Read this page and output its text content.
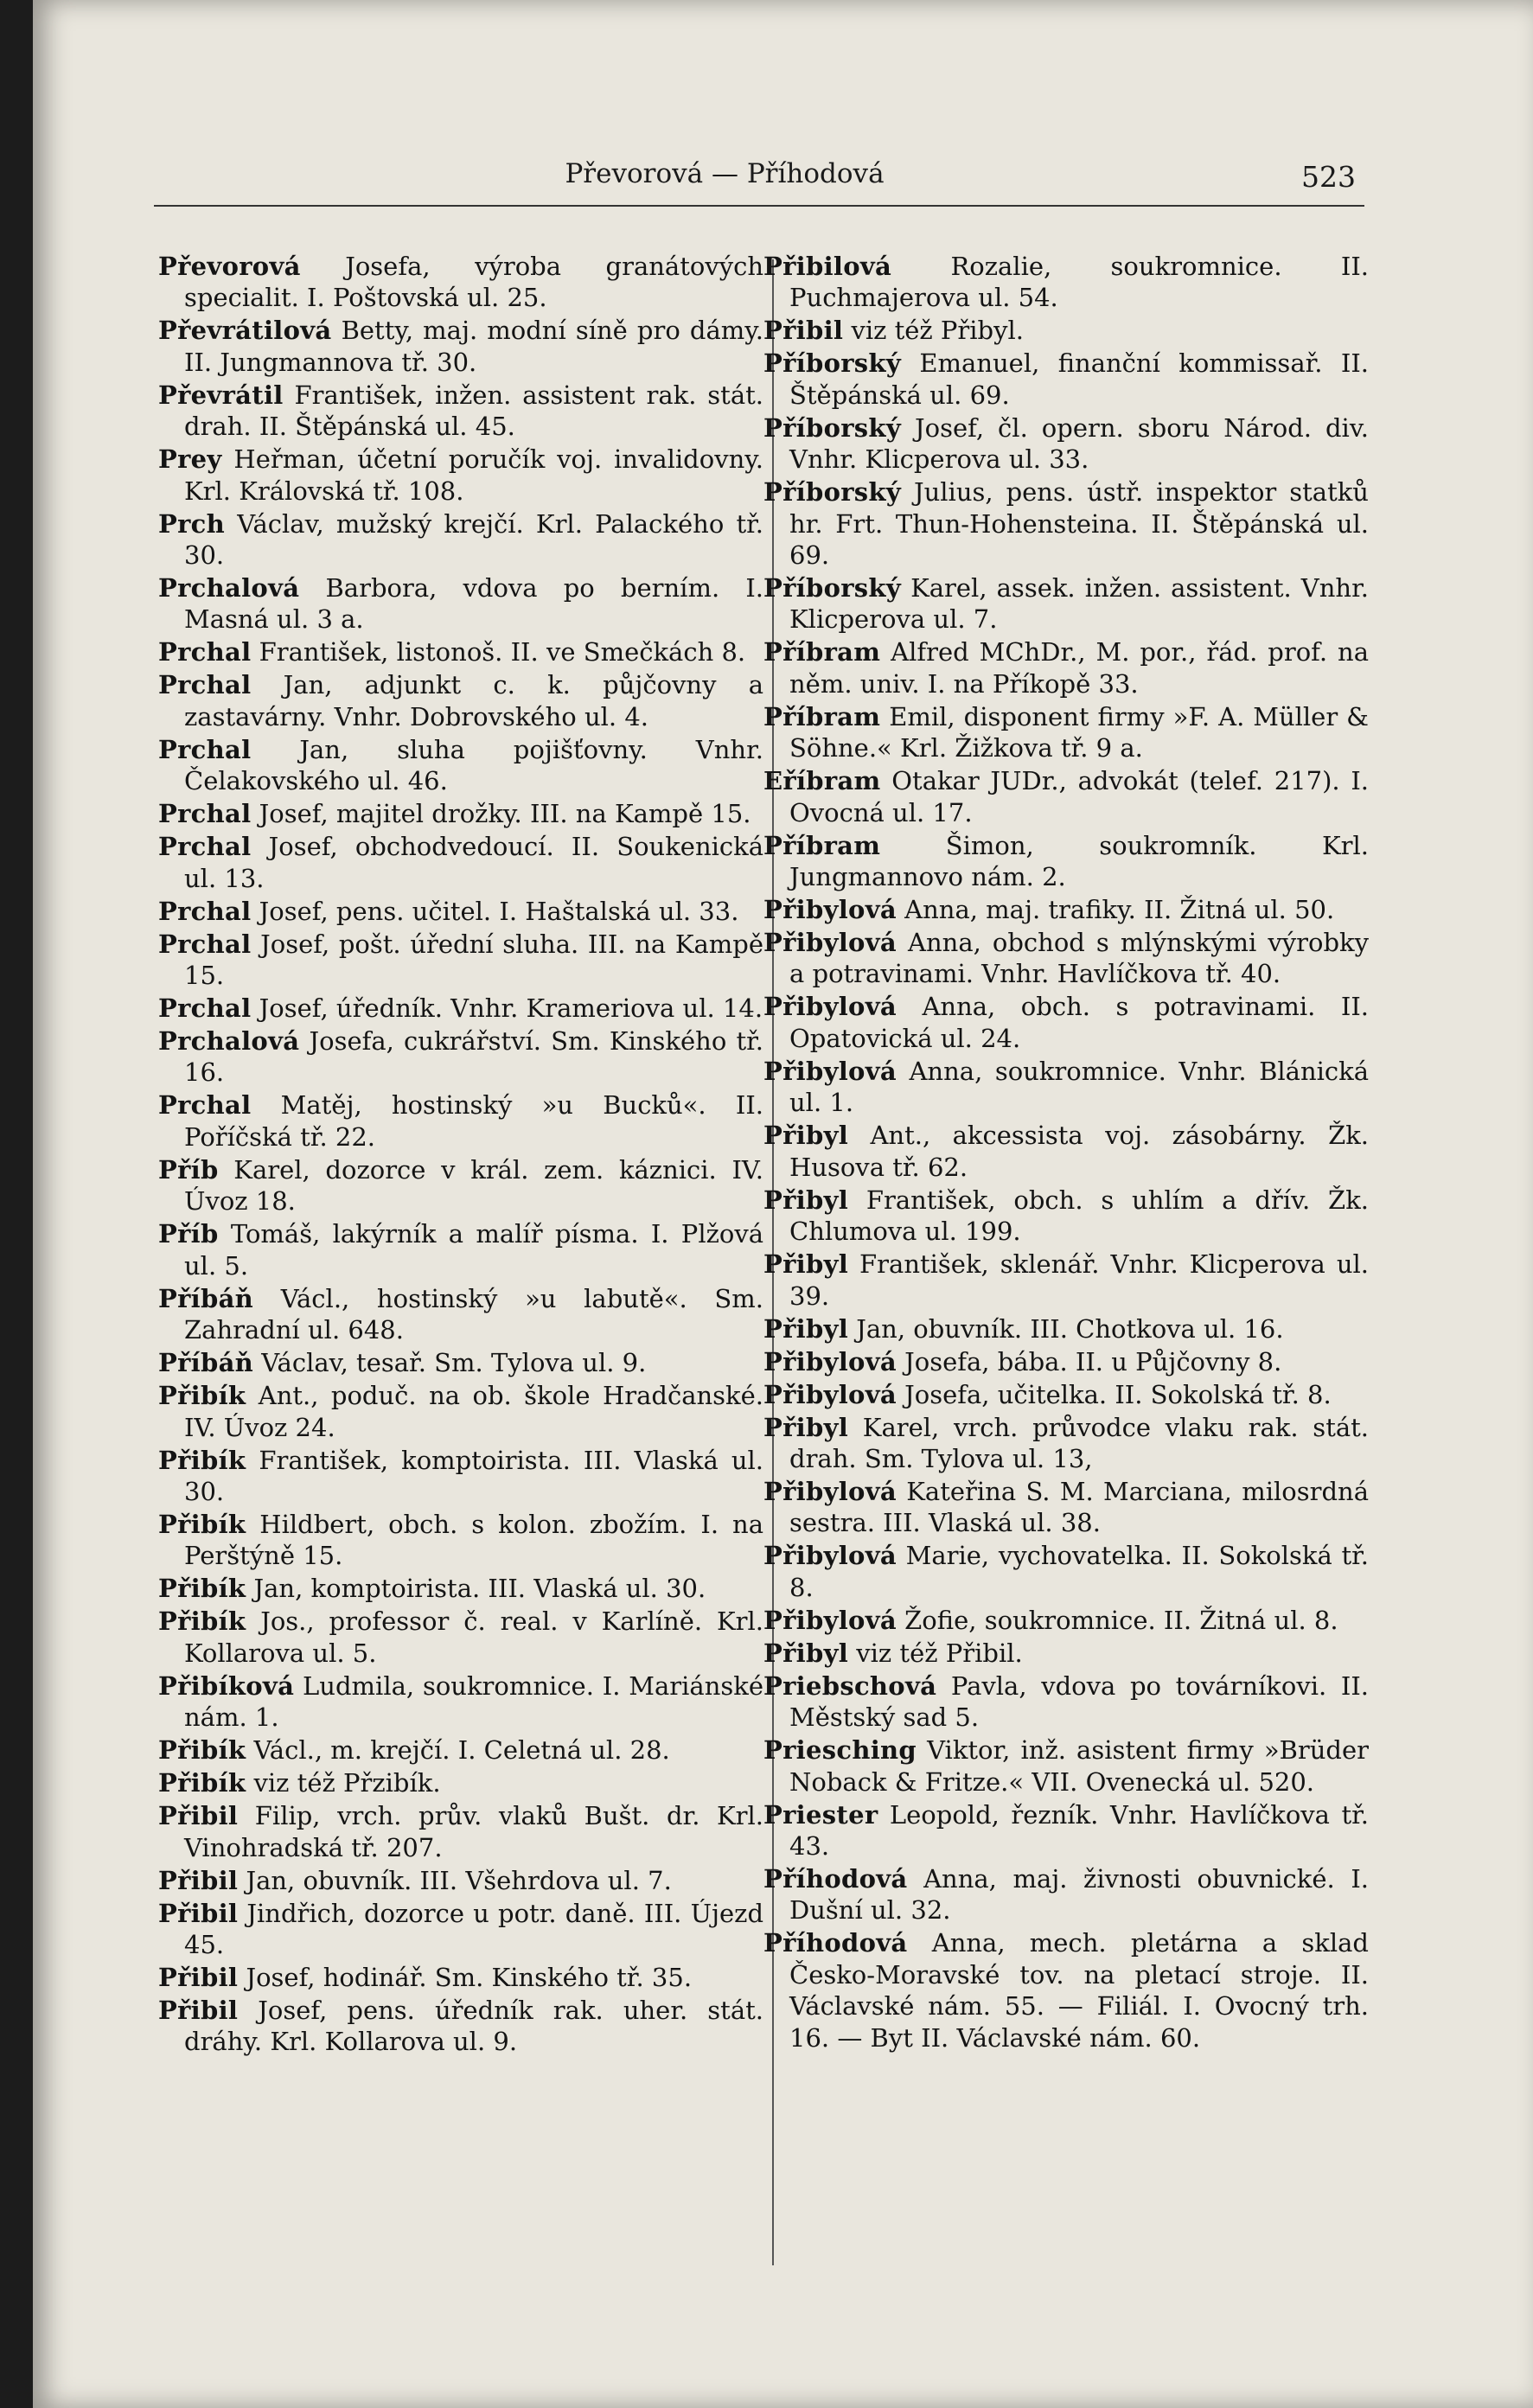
Převorová — Příhodová	523

Převorová Josefa, výroba granátových specialit. I. Poštovská ul. 25.

Převrátilová Betty, maj. modní síně pro dámy. II. Jungmannova tř. 30.

Převrátil František, inžen. assistent rak. stát. drah. II. Štěpánská ul. 45.

Prey Heřman, účetní poručík voj. invalidovny. Krl. Královská tř. 108.

Prch Václav, mužský krejčí. Krl. Palackého tř. 30.

Prchalová Barbora, vdova po berním. I. Masná ul. 3 a.

Prchal František, listonoš. II. ve Smečkách 8.

Prchal Jan, adjunkt c. k. půjčovny a zastavárny. Vnhr. Dobrovského ul. 4.

Prchal Jan, sluha pojišťovny. Vnhr. Čelakovského ul. 46.

Prchal Josef, majitel drožky. III. na Kampě 15.

Prchal Josef, obchodvedoucí. II. Soukenická ul. 13.

Prchal Josef, pens. učitel. I. Haštalská ul. 33.

Prchal Josef, pošt. úřední sluha. III. na Kampě 15.

Prchal Josef, úředník. Vnhr. Krameriova ul. 14.

Prchalová Josefa, cukrářství. Sm. Kinského tř. 16.

Prchal Matěj, hostinský »u Bucků«. II. Poříčská tř. 22.

Příb Karel, dozorce v král. zem. káznici. IV. Úvoz 18.

Příb Tomáš, lakýrník a malíř písma. I. Plžová ul. 5.

Příbáň Václ., hostinský »u labutě«. Sm. Zahradní ul. 648.

Příbáň Václav, tesař. Sm. Tylova ul. 9.

Přibík Ant., poduč. na ob. škole Hradčanské. IV. Úvoz 24.

Přibík František, komptoirista. III. Vlaská ul. 30.

Přibík Hildbert, obch. s kolon. zbožím. I. na Perštýně 15.

Přibík Jan, komptoirista. III. Vlaská ul. 30.

Přibík Jos., professor č. real. v Karlíně. Krl. Kollarova ul. 5.

Přibíková Ludmila, soukromnice. I. Mariánské nám. 1.

Přibík Václ., m. krejčí. I. Celetná ul. 28.

Přibík viz též Přzibík.

Přibil Filip, vrch. prův. vlaků Bušt. dr. Krl. Vinohradská tř. 207.

Přibil Jan, obuvník. III. Všehrdova ul. 7.

Přibil Jindřich, dozorce u potr. daně. III. Újezd 45.

Přibil Josef, hodinář. Sm. Kinského tř. 35.

Přibil Josef, pens. úředník rak. uher. stát. dráhy. Krl. Kollarova ul. 9.

Přibilová Rozalie, soukromnice. II. Puchmajerova ul. 54.

Přibil viz též Přibyl.

Příborský Emanuel, finanční kommissař. II. Štěpánská ul. 69.

Příborský Josef, čl. opern. sboru Národ. div. Vnhr. Klicperova ul. 33.

Příborský Julius, pens. ústř. inspektor statků hr. Frt. Thun-Hohensteina. II. Štěpánská ul. 69.

Příborský Karel, assek. inžen. assistent. Vnhr. Klicperova ul. 7.

Příbram Alfred MChDr., M. por., řád. prof. na něm. univ. I. na Příkopě 33.

Příbram Emil, disponent firmy »F. A. Müller & Söhne.« Krl. Žižkova tř. 9 a.

Eříbram Otakar JUDr., advokát (telef. 217). I. Ovocná ul. 17.

Příbram	Šimon, soukromník. Krl. Jungmannovo nám. 2.

Přibylová Anna, maj. trafiky. II. Žitná ul. 50.

Přibylová Anna, obchod s mlýnskými výrobky a potravinami. Vnhr. Havlíčkova tř. 40.

Přibylová Anna, obch. s potravinami. II. Opatovická ul. 24.

Přibylová Anna, soukromnice. Vnhr. Blánická ul. 1.

Přibyl Ant., akcessista voj. zásobárny. Žk. Husova tř. 62.

Přibyl František, obch. s uhlím a dřív. Žk. Chlumova ul. 199.

Přibyl František, sklenář. Vnhr. Klicperova ul. 39.

Přibyl Jan, obuvník. III. Chotkova ul. 16.

Přibylová Josefa, bába. II. u Půjčovny 8.

Přibylová Josefa, učitelka. II. Sokolská tř. 8.

Přibyl Karel, vrch. průvodce vlaku rak. stát. drah. Sm. Tylova ul. 13,

Přibylová Kateřina S. M. Marciana, milosrdná sestra. III. Vlaská ul. 38.

Přibylová Marie, vychovatelka. II. Sokolská tř. 8.

Přibylová Žofie, soukromnice. II. Žitná ul. 8.

Přibyl viz též Přibil.

Priebschová Pavla, vdova po továrníkovi. II. Městský sad 5.

Priesching Viktor, inž. asistent firmy »Brüder Noback & Fritze.« VII. Ovenecká ul. 520.

Priester Leopold, řezník. Vnhr. Havlíčkova tř. 43.

Příhodová Anna, maj. živnosti obuvnické. I. Dušní ul. 32.

Příhodová Anna, mech. pletárna a sklad Česko-Moravské tov. na pletací stroje. II. Václavské nám. 55. — Filiál. I. Ovocný trh. 16. — Byt II. Václavské nám. 60.
